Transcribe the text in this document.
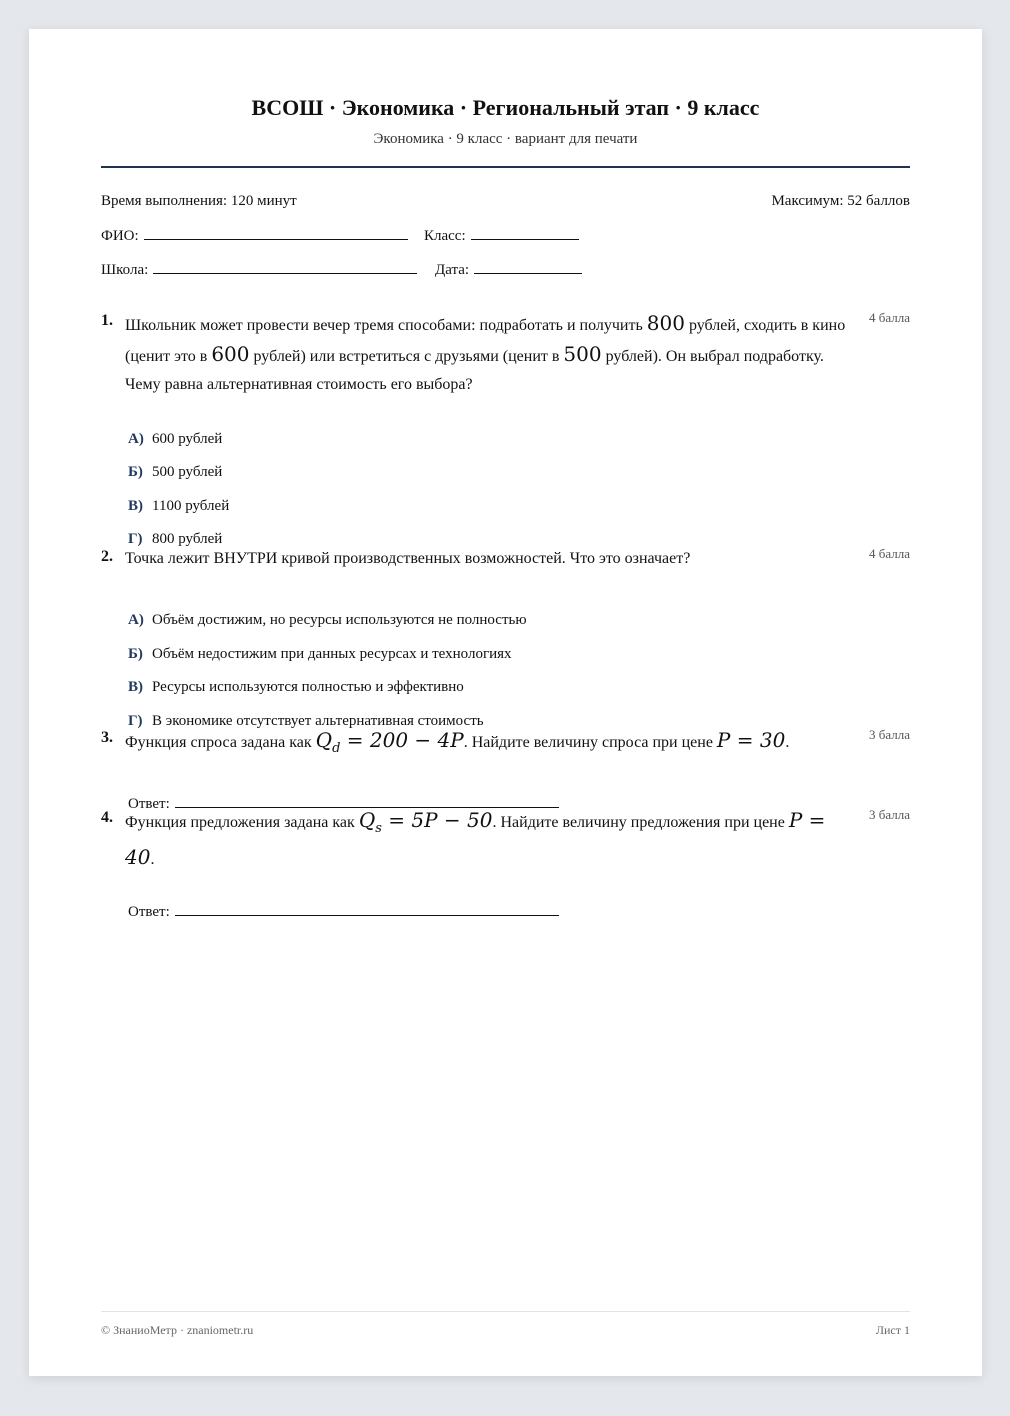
ВСОШ · Экономика · Региональный этап · 9 класс
Экономика · 9 класс · вариант для печати
Время выполнения: 120 минут	Максимум: 52 баллов
ФИО:	Класс:
Школа:	Дата:
1. Школьник может провести вечер тремя способами: подработать и получить 800 рублей, сходить в кино (ценит это в 600 рублей) или встретиться с друзьями (ценит в 500 рублей). Он выбрал подработку. Чему равна альтернативная стоимость его выбора?
4 балла
А) 600 рублей
Б) 500 рублей
В) 1100 рублей
Г) 800 рублей
2. Точка лежит ВНУТРИ кривой производственных возможностей. Что это означает?	4 балла
А) Объём достижим, но ресурсы используются не полностью
Б) Объём недостижим при данных ресурсах и технологиях
В) Ресурсы используются полностью и эффективно
Г) В экономике отсутствует альтернативная стоимость
3. Функция спроса задана как $Q_d = 200 - 4P$. Найдите величину спроса при цене P = 30.	3 балла
Ответ:
4. Функция предложения задана как $Q_s = 5P - 50$. Найдите величину предложения при цене P = 40.
3 балла
Ответ:
© ЗнаниоМетр · znaniometr.ru	Лист 1
